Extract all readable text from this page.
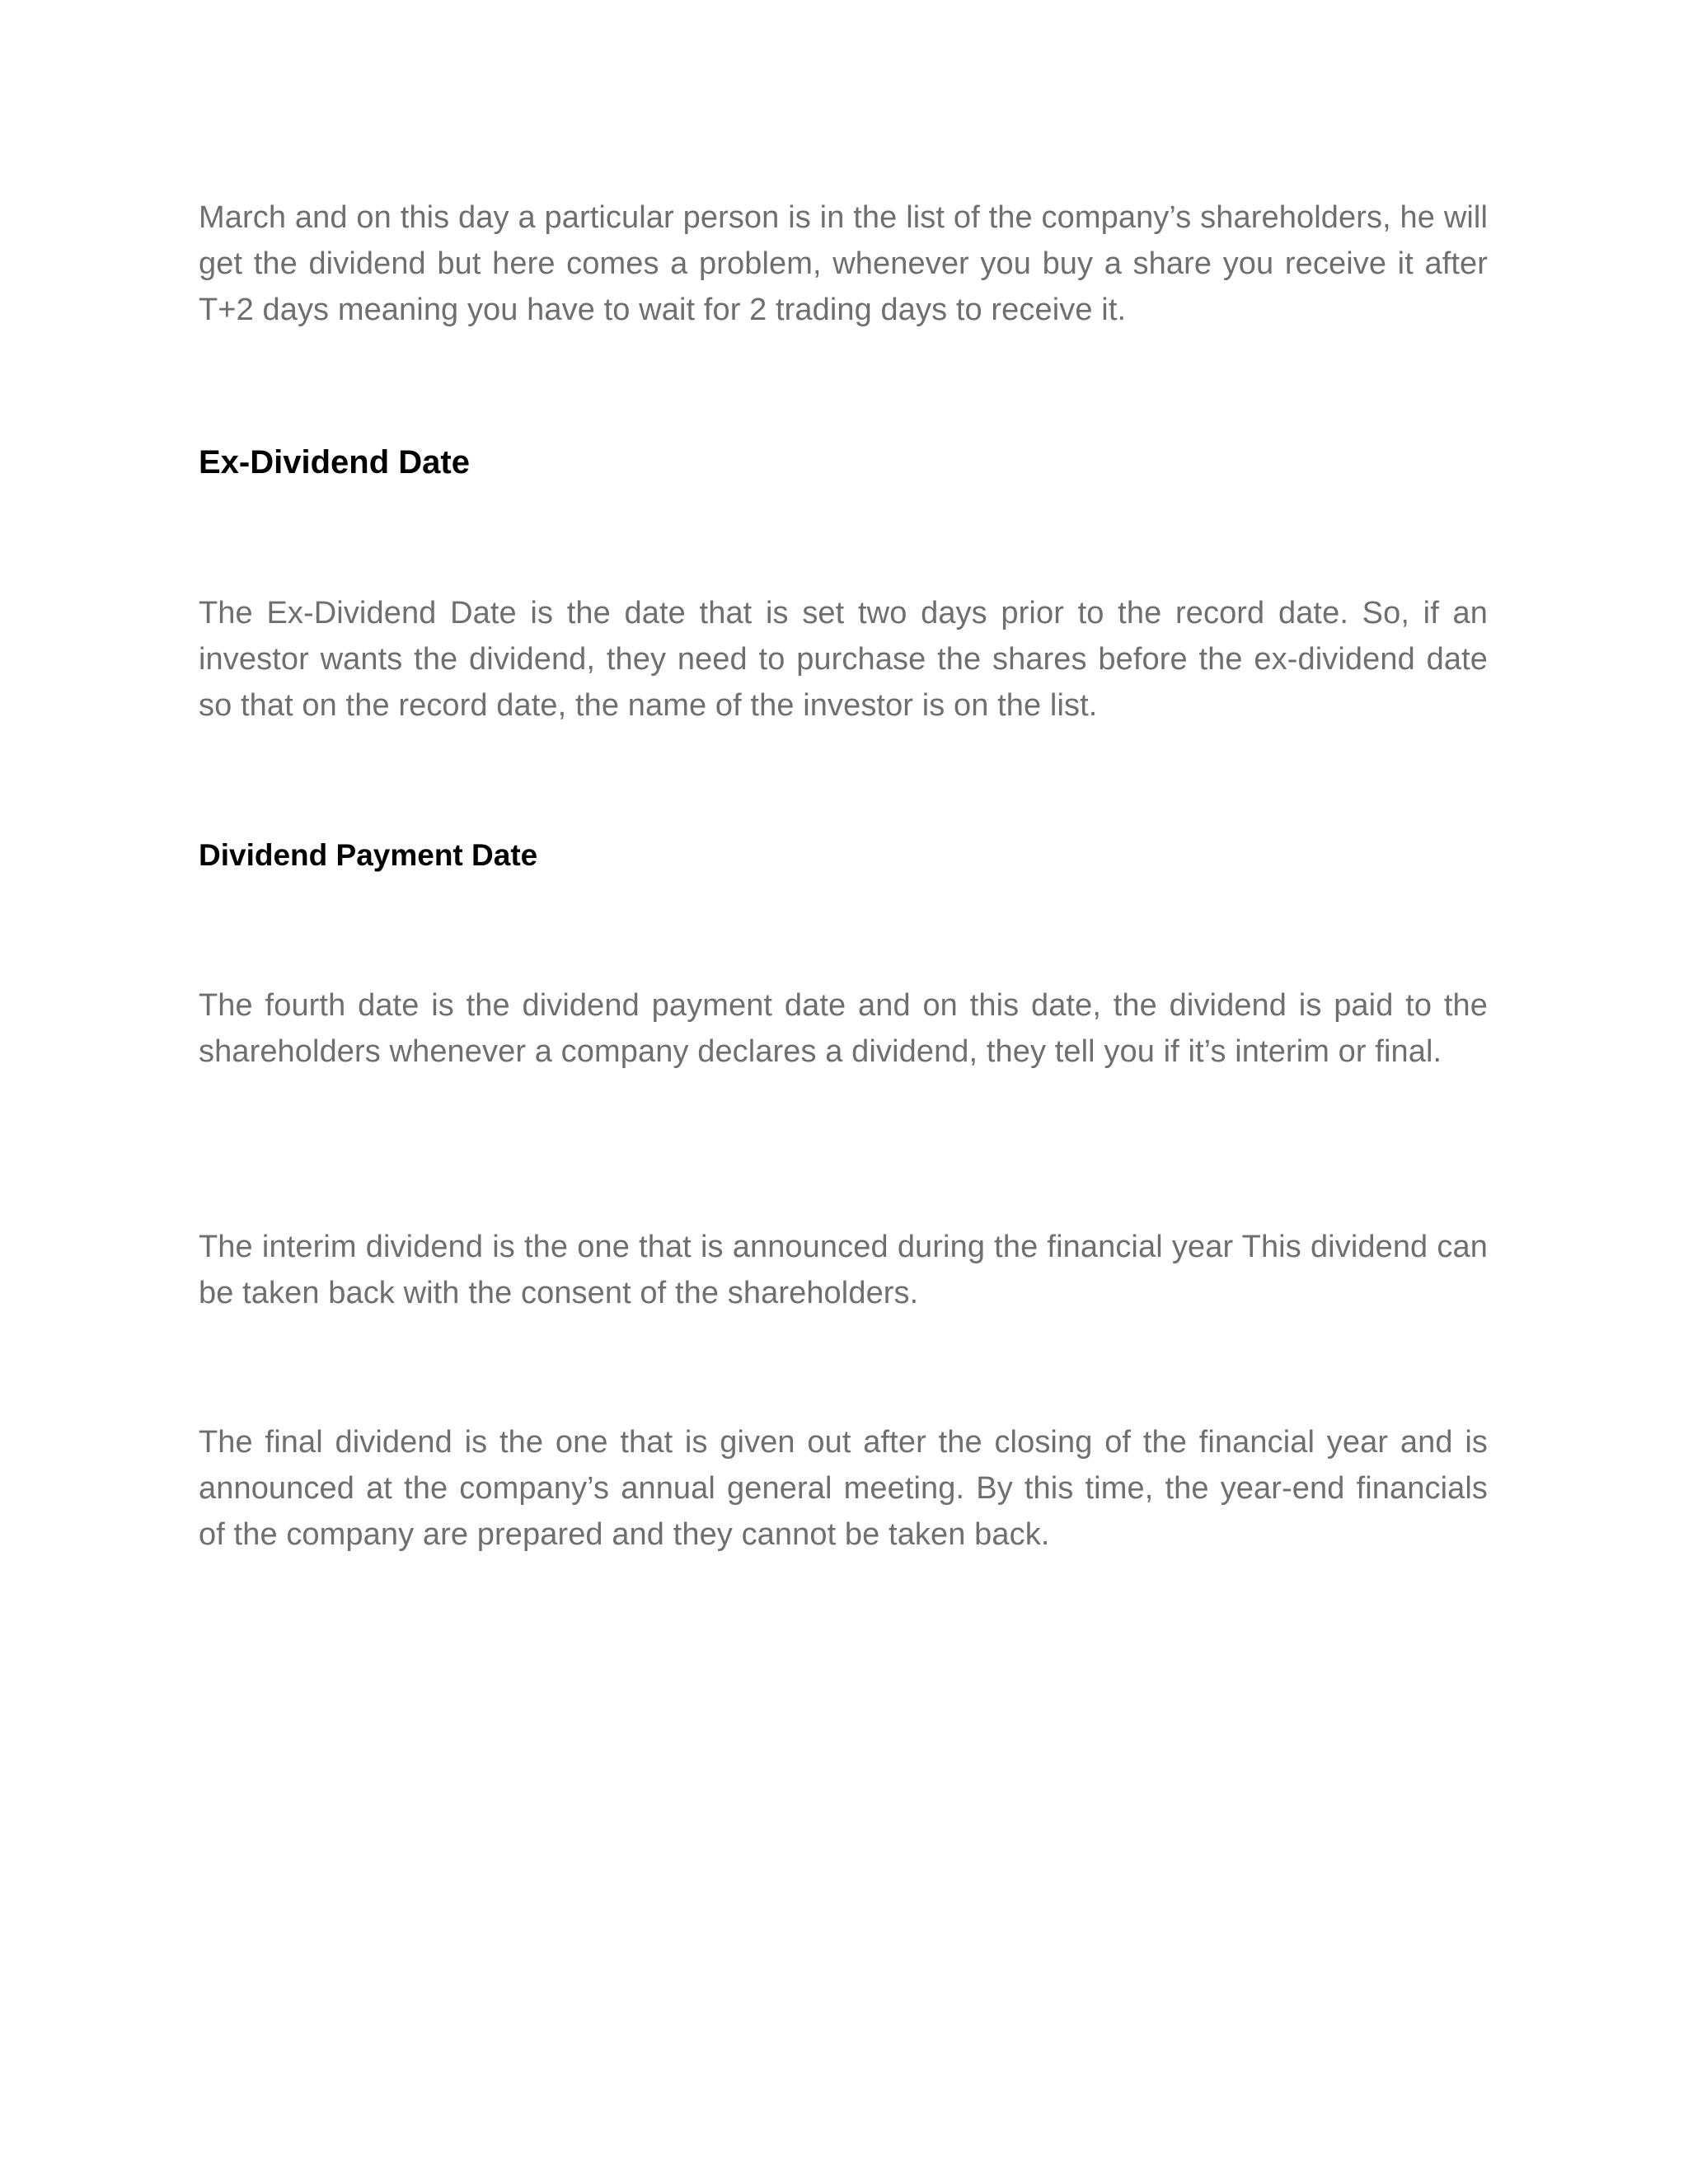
March and on this day a particular person is in the list of the company’s shareholders, he will get the dividend but here comes a problem, whenever you buy a share you receive it after T+2 days meaning you have to wait for 2 trading days to receive it.

Ex-Dividend Date

The Ex-Dividend Date is the date that is set two days prior to the record date. So, if an investor wants the dividend, they need to purchase the shares before the ex-dividend date so that on the record date, the name of the investor is on the list.

Dividend Payment Date

The fourth date is the dividend payment date and on this date, the dividend is paid to the shareholders whenever a company declares a dividend, they tell you if it’s interim or final.

The interim dividend is the one that is announced during the financial year This dividend can be taken back with the consent of the shareholders.

The final dividend is the one that is given out after the closing of the financial year and is announced at the company’s annual general meeting. By this time, the year-end financials of the company are prepared and they cannot be taken back.
